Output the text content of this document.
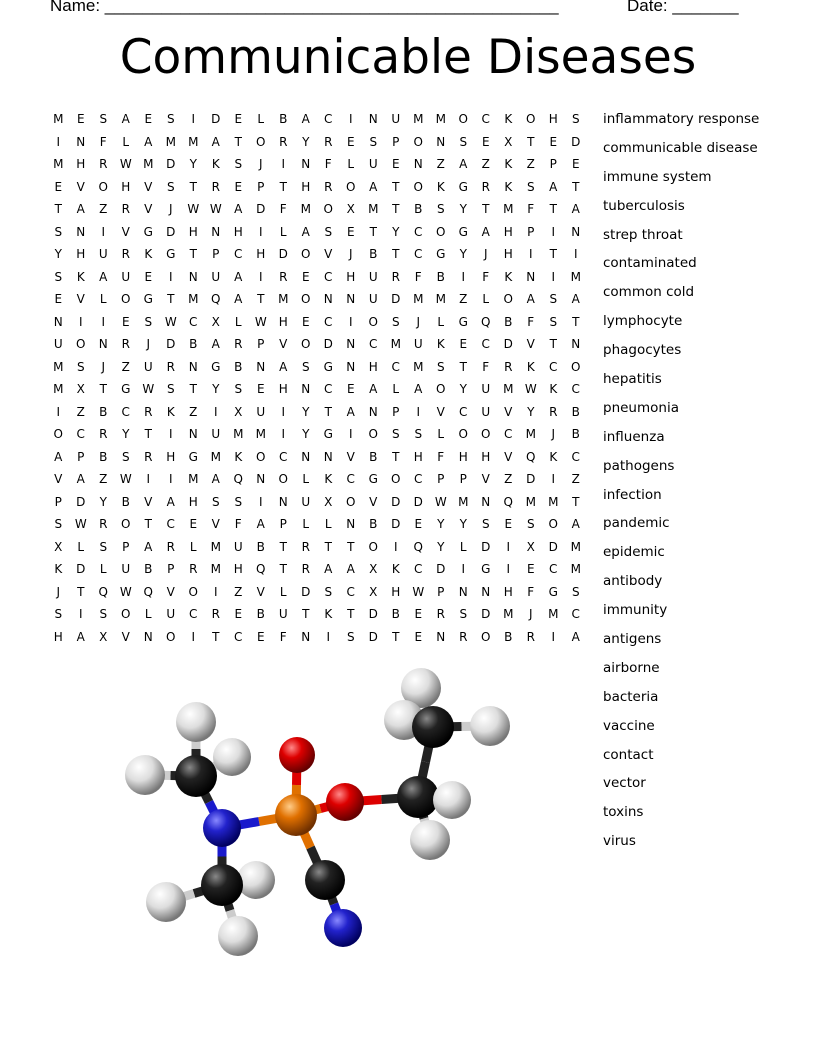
Name: ________________________________________________	Date: _______
Communicable Diseases
M	E	S	A	E	S	I	D	E	L	B	A	C	I	N	U	M	M	O	C	K	O	H	S
I	N	F	L	A	M	M	A	T	O	R	Y	R	E	S	P	O	N	S	E	X	T	E	D
M	H	R	W M	D	Y	K	S	J	I	N	F	L	U	E	N	Z	A	Z	K	Z	P	E
E	V	O	H	V	S	T	R	E	P	T	H	R	O	A	T	O	K	G	R	K	S	A	T
T	A	Z	R	V	J	W W	A	D	F	M	O	X	M	T	B	S	Y	T	M	F	T	A
S	N	I	V	G	D	H	N	H	I	L	A	S	E	T	Y	C	O	G	A	H	P	I	N
Y	H	U	R	K	G	T	P	C	H	D	O	V	J	B	T	C	G	Y	J	H	I	T	I
S	K	A	U	E	I	N	U	A	I	R	E	C	H	U	R	F	B	I	F	K	N	I	M
E	V	L	O	G	T	M	Q	A	T	M	O	N	N	U	D	M	M	Z	L	O	A	S	A
N	I	I	E	S	W	C	X	L	W	H	E	C	I	O	S	J	L	G	Q	B	F	S	T
U	O	N	R	J	D	B	A	R	P	V	O	D	N	C	M	U	K	E	C	D	V	T	N
M	S	J	Z	U	R	N	G	B	N	A	S	G	N	H	C	M	S	T	F	R	K	C	O
M	X	T	G W	S	T	Y	S	E	H	N	C	E	A	L	A	O	Y	U	M W	K	C
I	Z	B	C	R	K	Z	I	X	U	I	Y	T	A	N	P	I	V	C	U	V	Y	R	B
O	C	R	Y	T	I	N	U	M	M	I	Y	G	I	O	S	S	L	O	O	C	M	J	B
A	P	B	S	R	H	G	M	K	O	C	N	N	V	B	T	H	F	H	H	V	Q	K	C
V	A	Z	W	I	I	M	A	Q	N	O	L	K	C	G	O	C	P	P	V	Z	D	I	Z
P	D	Y	B	V	A	H	S	S	I	N	U	X	O	V	D	D W M	N	Q	M	M	T
S	W	R	O	T	C	E	V	F	A	P	L	L	N	B	D	E	Y	Y	S	E	S	O	A
X	L	S	P	A	R	L	M	U	B	T	R	T	T	O	I	Q	Y	L	D	I	X	D	M
K	D	L	U	B	P	R	M	H	Q	T	R	A	A	X	K	C	D	I	G	I	E	C	M
J	T	Q W Q	V	O	I	Z	V	L	D	S	C	X	H	W	P	N	N	H	F	G	S
S	I	S	O	L	U	C	R	E	B	U	T	K	T	D	B	E	R	S	D	M	J	M	C
H	A	X	V	N	O	I	T	C	E	F	N	I	S	D	T	E	N	R	O	B	R	I	A
inflammatory response
communicable disease
immune system
tuberculosis
strep throat
contaminated
common cold
lymphocyte
phagocytes
hepatitis
pneumonia
influenza
pathogens
infection
pandemic
epidemic
antibody
immunity
antigens
airborne
bacteria
vaccine
contact
vector
toxins
virus
